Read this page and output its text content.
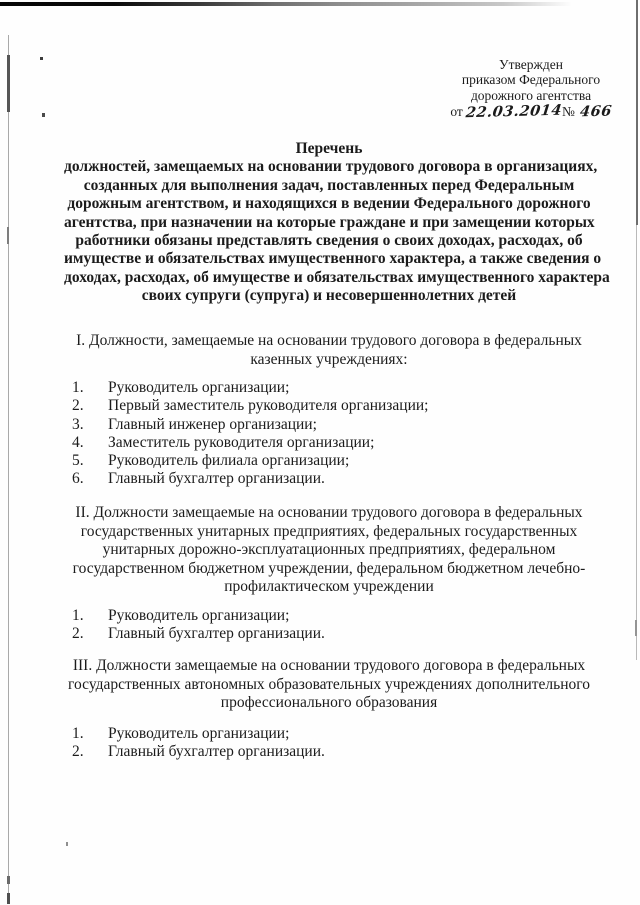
Утвержден
приказом Федерального
дорожного агентства
от 22.03.2014№ 466
Перечень
должностей, замещаемых на основании трудового договора в организациях,
созданных для выполнения задач, поставленных перед Федеральным
дорожным агентством, и находящихся в ведении Федерального дорожного
агентства, при назначении на которые граждане и при замещении которых
работники обязаны представлять сведения о своих доходах, расходах, об
имуществе и обязательствах имущественного характера, а также сведения о
доходах, расходах, об имуществе и обязательствах имущественного характера
своих супруги (супруга) и несовершеннолетних детей
I. Должности, замещаемые на основании трудового договора в федеральных
казенных учреждениях:
1. Руководитель организации;
2. Первый заместитель руководителя организации;
3. Главный инженер организации;
4. Заместитель руководителя организации;
5. Руководитель филиала организации;
6. Главный бухгалтер организации.
II. Должности замещаемые на основании трудового договора в федеральных
государственных унитарных предприятиях, федеральных государственных
унитарных дорожно-эксплуатационных предприятиях, федеральном
государственном бюджетном учреждении, федеральном бюджетном лечебно-
профилактическом учреждении
1. Руководитель организации;
2. Главный бухгалтер организации.
III. Должности замещаемые на основании трудового договора в федеральных
государственных автономных образовательных учреждениях дополнительного
профессионального образования
1. Руководитель организации;
2. Главный бухгалтер организации.
